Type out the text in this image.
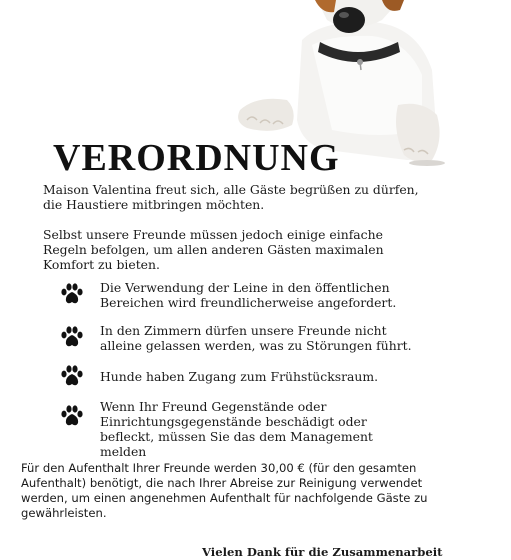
VERORDNUNG
Maison Valentina freut sich, alle Gäste begrüßen zu dürfen, die Haustiere mitbringen möchten.
Selbst unsere Freunde müssen jedoch einige einfache Regeln befolgen, um allen anderen Gästen maximalen Komfort zu bieten.
Die Verwendung der Leine in den öffentlichen Bereichen wird freundlicherweise angefordert.
In den Zimmern dürfen unsere Freunde nicht alleine gelassen werden, was zu Störungen führt.
Hunde haben Zugang zum Frühstücksraum.
Wenn Ihr Freund Gegenstände oder Einrichtungsgegenstände beschädigt oder befleckt, müssen Sie das dem Management melden
Für den Aufenthalt Ihrer Freunde werden 30,00 € (für den gesamten Aufenthalt) benötigt, die nach Ihrer Abreise zur Reinigung verwendet werden, um einen angenehmen Aufenthalt für nachfolgende Gäste zu gewährleisten.
Vielen Dank für die Zusammenarbeit
